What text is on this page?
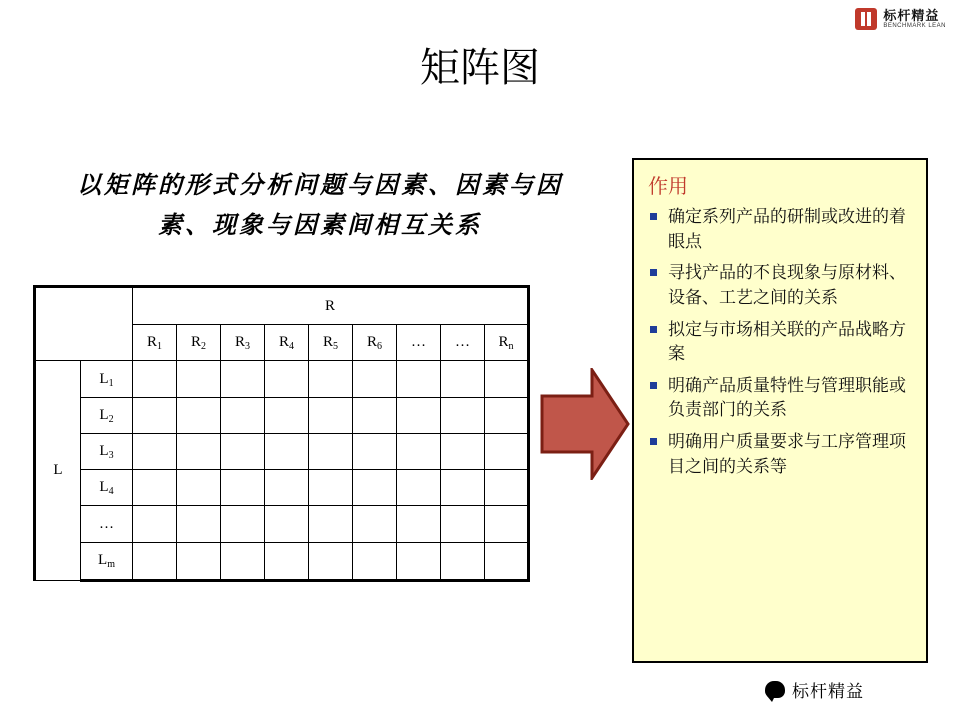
标杆精益
BENCHMARK LEAN
矩阵图
以矩阵的形式分析问题与因素、因素与因素、现象与因素间相互关系
		R								
		$R_1$	$R_2$	$R_3$	$R_4$	$R_5$	$R_6$	…	…	$R_n$
L	$L_1$									
	$L_2$									
	$L_3$									
	$L_4$									
	…									
	$L_m$									
作用
确定系列产品的研制或改进的着眼点
寻找产品的不良现象与原材料、设备、工艺之间的关系
拟定与市场相关联的产品战略方案
明确产品质量特性与管理职能或负责部门的关系
明确用户质量要求与工序管理项目之间的关系等
标杆精益
